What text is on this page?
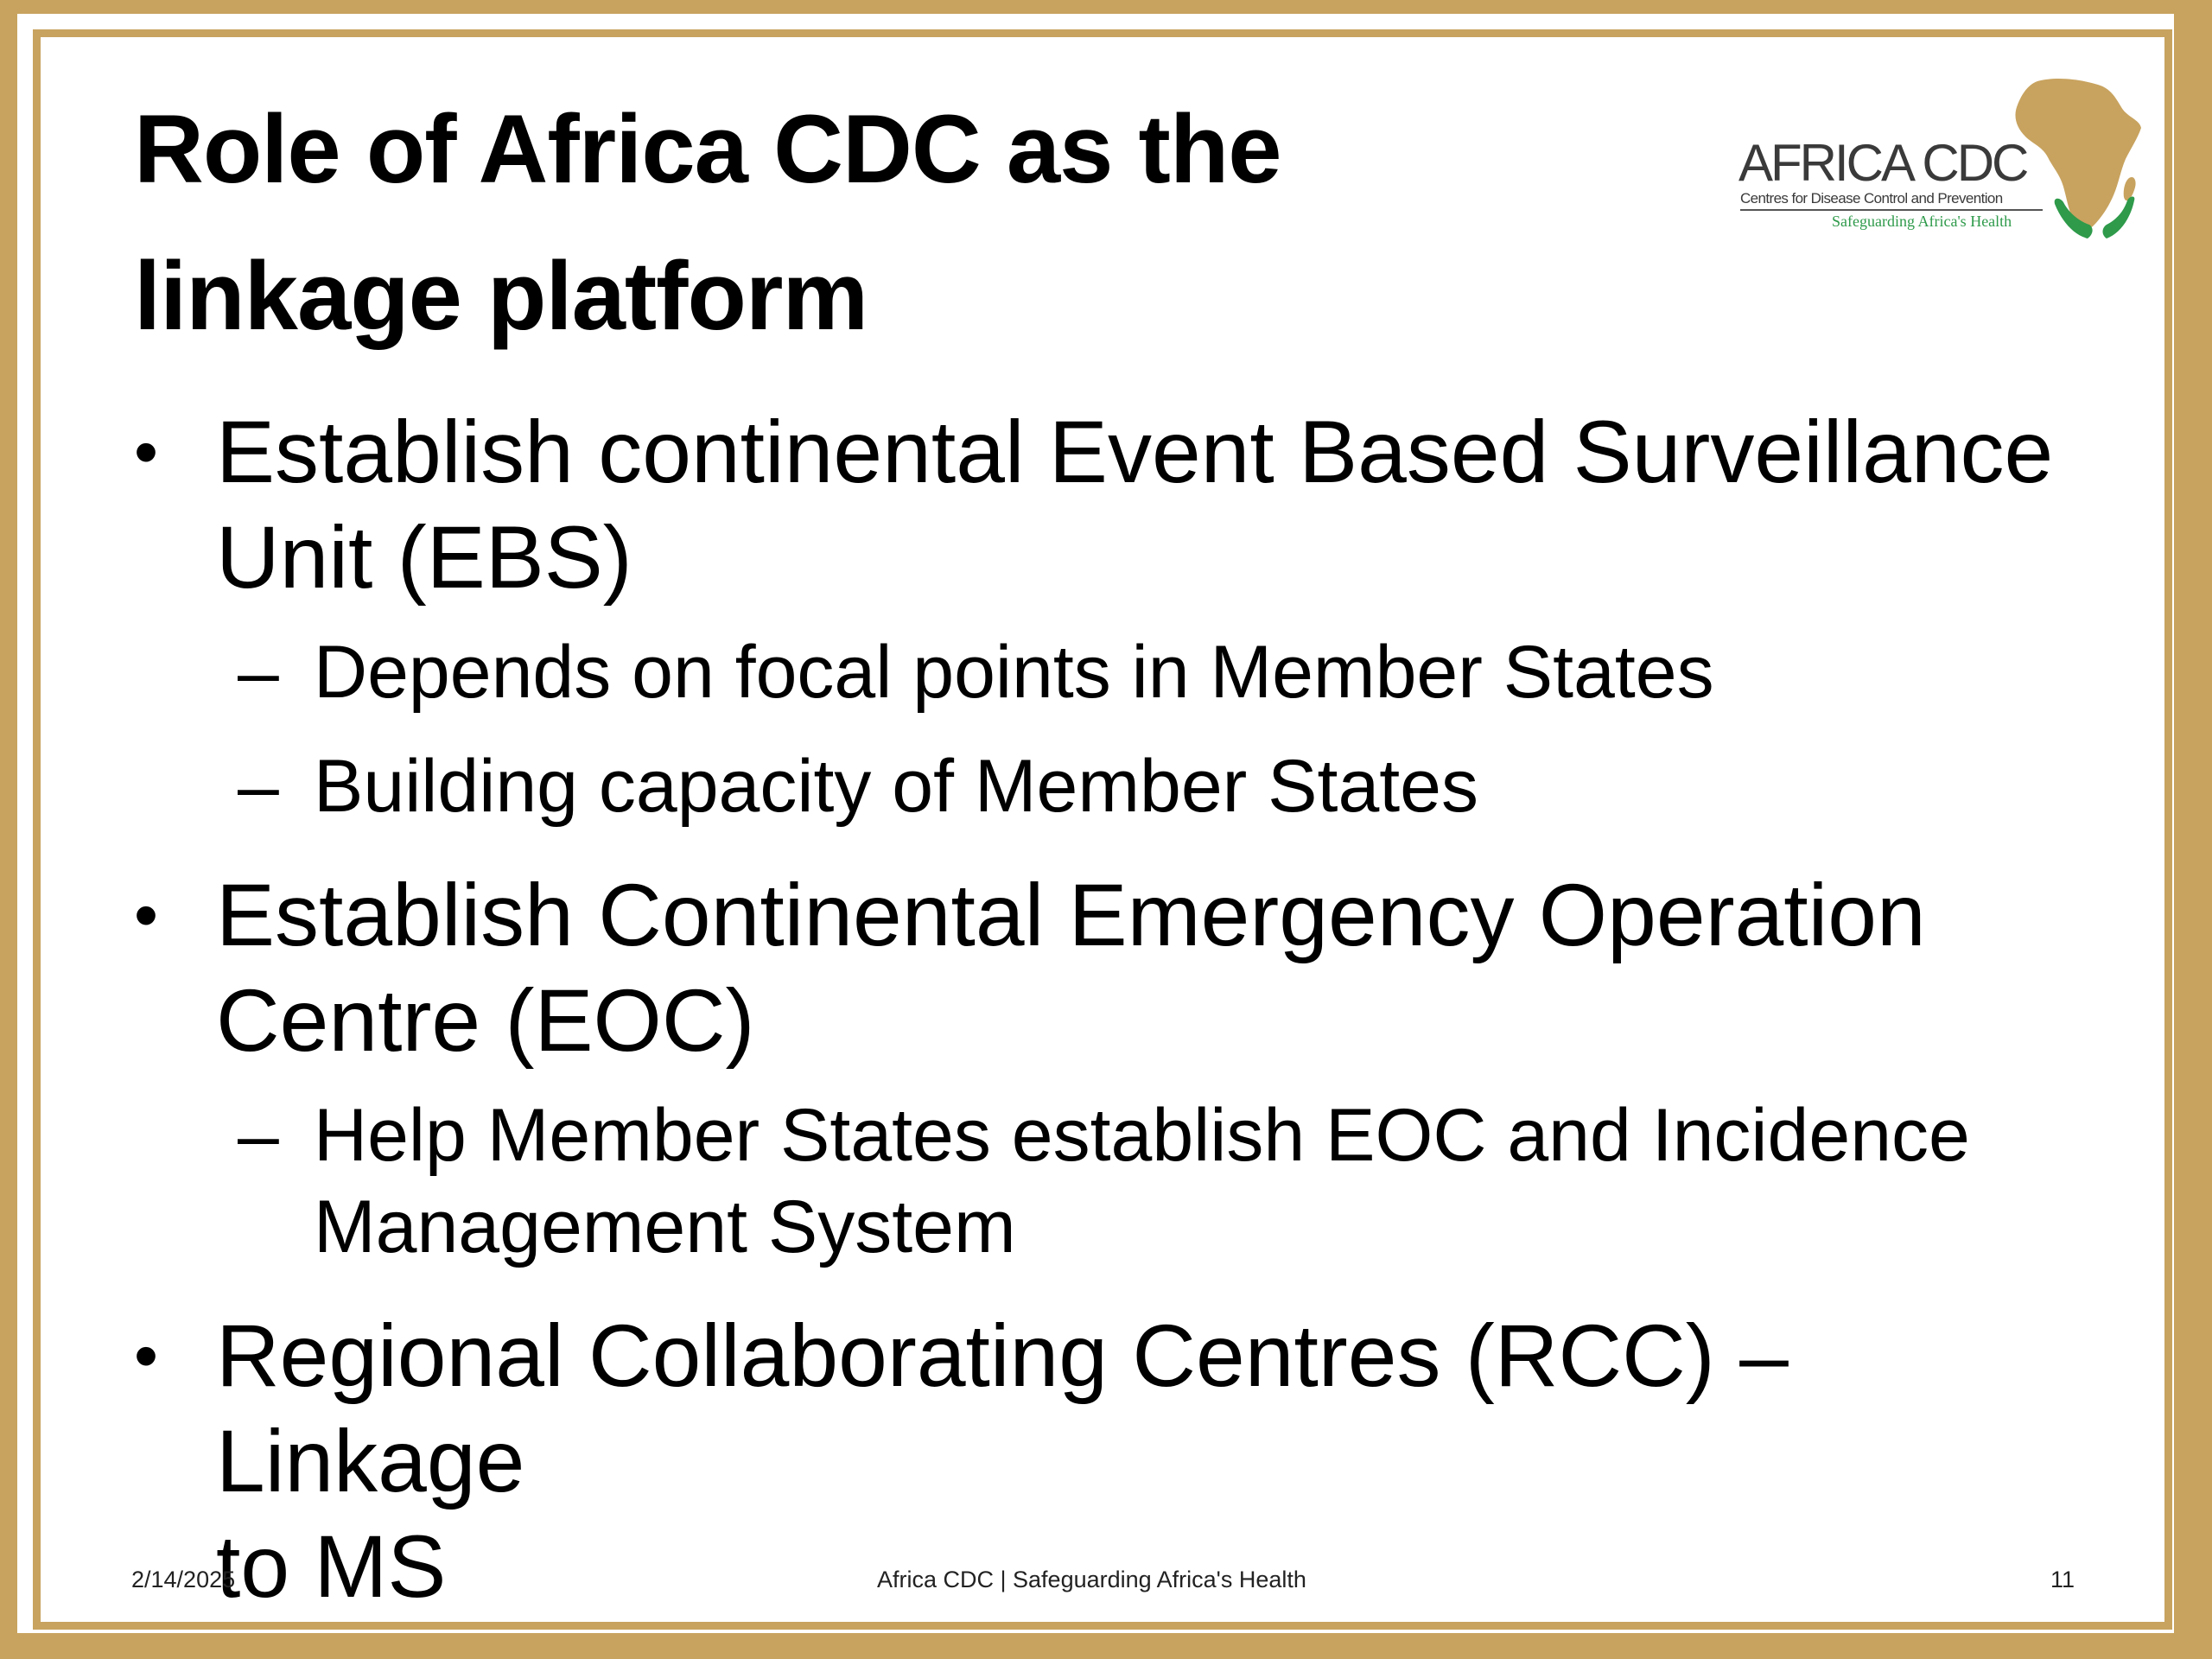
Role of Africa CDC as the
linkage platform
AFRICA CDC
Centres for Disease Control and Prevention
Safeguarding Africa's Health
• Establish continental Event Based Surveillance
Unit (EBS)
– Depends on focal points in Member States
– Building capacity of Member States
• Establish Continental Emergency Operation
Centre (EOC)
– Help Member States establish EOC and Incidence
Management System
• Regional Collaborating Centres (RCC) – Linkage
to MS
2/14/2025	Africa CDC | Safeguarding Africa's Health	11
